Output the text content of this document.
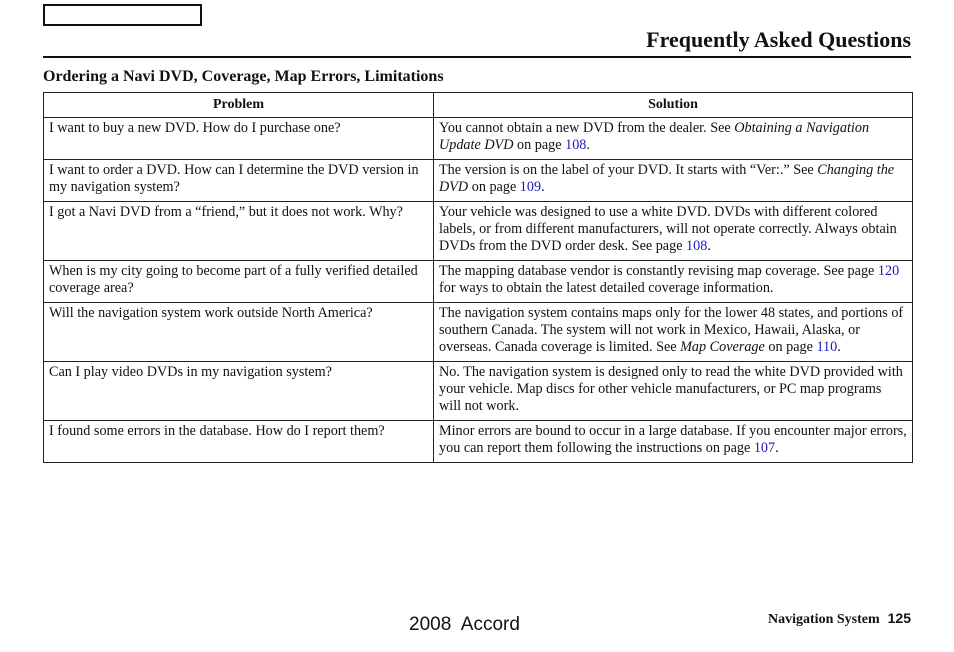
Frequently Asked Questions
Ordering a Navi DVD, Coverage, Map Errors, Limitations
Problem	Solution
I want to buy a new DVD. How do I purchase one?	You cannot obtain a new DVD from the dealer. See Obtaining a Navigation Update DVD on page 108.
I want to order a DVD. How can I determine the DVD version in my navigation system?	The version is on the label of your DVD. It starts with “Ver:.” See Changing the DVD on page 109.
I got a Navi DVD from a “friend,” but it does not work. Why?	Your vehicle was designed to use a white DVD. DVDs with different colored labels, or from different manufacturers, will not operate correctly. Always obtain DVDs from the DVD order desk. See page 108.
When is my city going to become part of a fully verified detailed coverage area?	The mapping database vendor is constantly revising map coverage. See page 120 for ways to obtain the latest detailed coverage information.
Will the navigation system work outside North America?	The navigation system contains maps only for the lower 48 states, and portions of southern Canada. The system will not work in Mexico, Hawaii, Alaska, or overseas. Canada coverage is limited. See Map Coverage on page 110.
Can I play video DVDs in my navigation system?	No. The navigation system is designed only to read the white DVD provided with your vehicle. Map discs for other vehicle manufacturers, or PC map programs will not work.
I found some errors in the database. How do I report them?	Minor errors are bound to occur in a large database. If you encounter major errors, you can report them following the instructions on page 107.
Navigation System 125
2008  Accord
